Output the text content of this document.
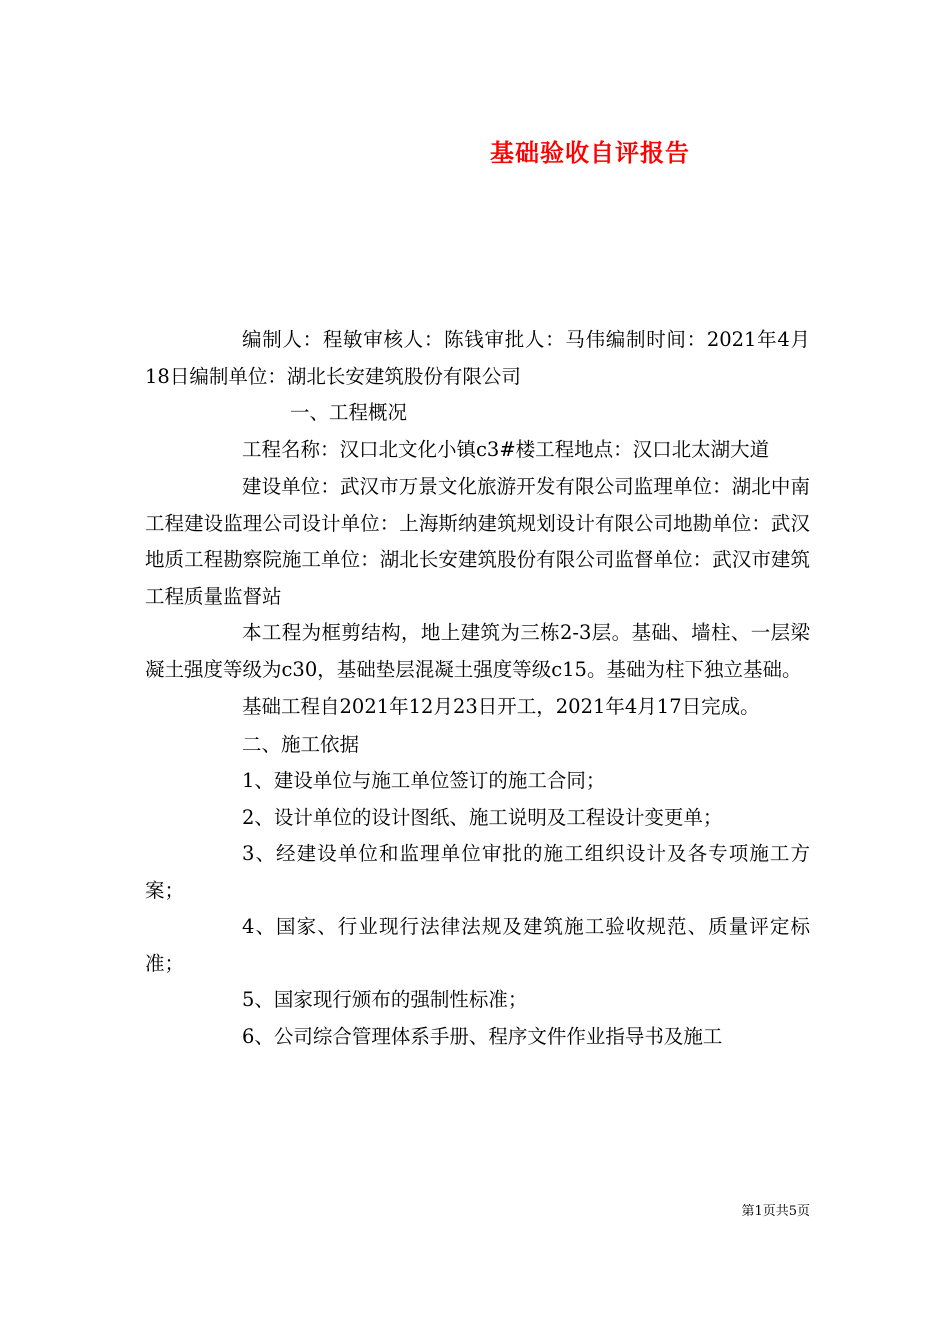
基础验收自评报告

编制人：程敏审核人：陈钱审批人：马伟编制时间：2021年4月18日编制单位：湖北长安建筑股份有限公司

一、工程概况

工程名称：汉口北文化小镇c3#楼工程地点：汉口北太湖大道

建设单位：武汉市万景文化旅游开发有限公司监理单位：湖北中南工程建设监理公司设计单位：上海斯纳建筑规划设计有限公司地勘单位：武汉地质工程勘察院施工单位：湖北长安建筑股份有限公司监督单位：武汉市建筑工程质量监督站

本工程为框剪结构，地上建筑为三栋2-3层。基础、墙柱、一层梁凝土强度等级为c30，基础垫层混凝土强度等级c15。基础为柱下独立基础。

基础工程自2021年12月23日开工，2021年4月17日完成。

二、施工依据

1、建设单位与施工单位签订的施工合同；

2、设计单位的设计图纸、施工说明及工程设计变更单；

3、经建设单位和监理单位审批的施工组织设计及各专项施工方案；

4、国家、行业现行法律法规及建筑施工验收规范、质量评定标准；

5、国家现行颁布的强制性标准；

6、公司综合管理体系手册、程序文件作业指导书及施工

第1页共5页
